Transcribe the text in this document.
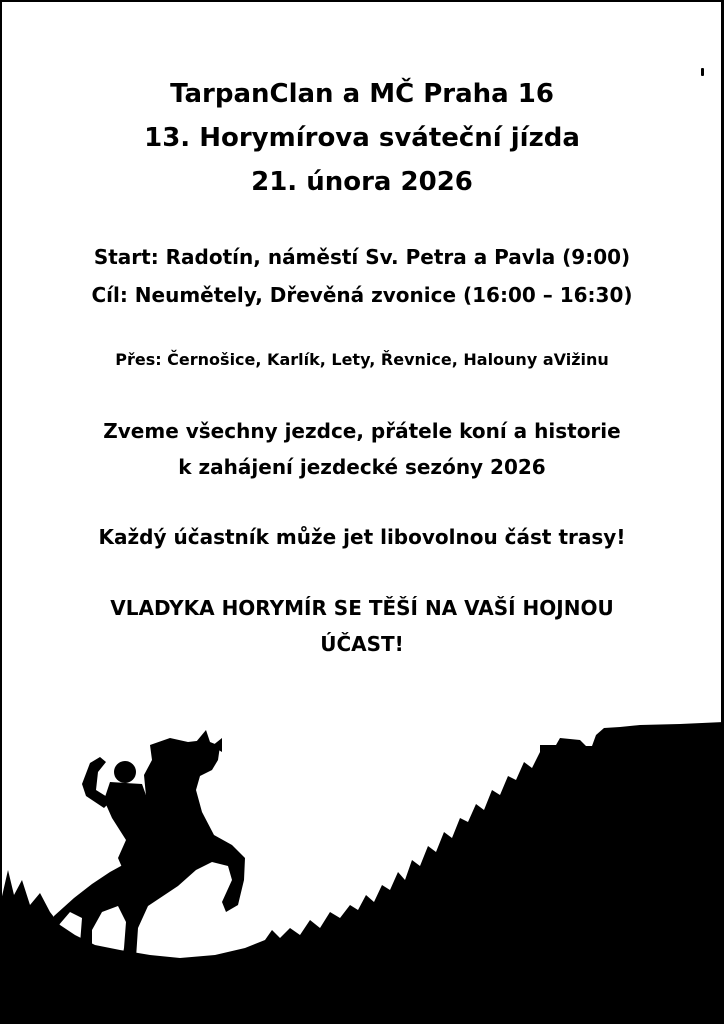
TarpanClan a MČ Praha 16
13. Horymírova sváteční jízda
21. února 2026
Start: Radotín, náměstí Sv. Petra a Pavla (9:00)
Cíl: Neumětely, Dřevěná zvonice (16:00 – 16:30)
Přes: Černošice, Karlík, Lety, Řevnice, Halouny aVižinu
Zveme všechny jezdce, přátele koní a historie
k zahájení jezdecké sezóny 2026
Každý účastník může jet libovolnou část trasy!
VLADYKA HORYMÍR SE TĚŠÍ NA VAŠÍ HOJNOU
ÚČAST!
